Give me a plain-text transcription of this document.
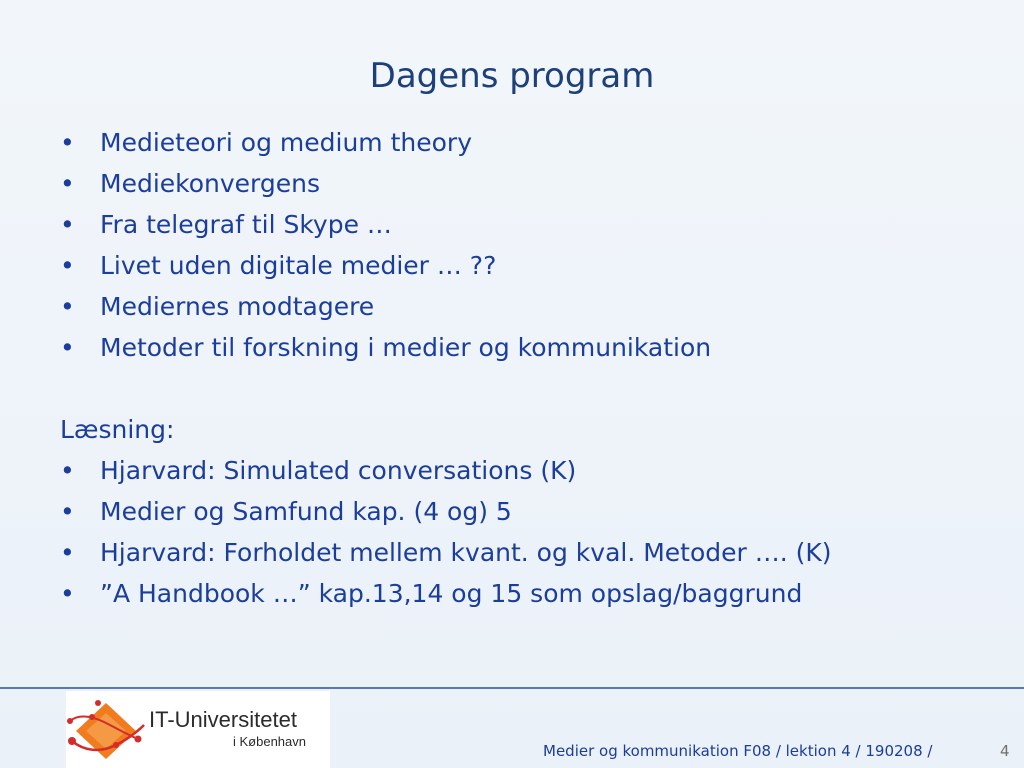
Dagens program
• Medieteori og medium theory
• Mediekonvergens
• Fra telegraf til Skype …
• Livet uden digitale medier … ??
• Mediernes modtagere
• Metoder til forskning i medier og kommunikation
Læsning:
• Hjarvard: Simulated conversations (K)
• Medier og Samfund kap. (4 og) 5
• Hjarvard: Forholdet mellem kvant. og kval. Metoder …. (K)
• ”A Handbook …” kap.13,14 og 15 som opslag/baggrund
IT-Universitetet
i København
Medier og kommunikation F08 / lektion 4 / 190208 /	4
